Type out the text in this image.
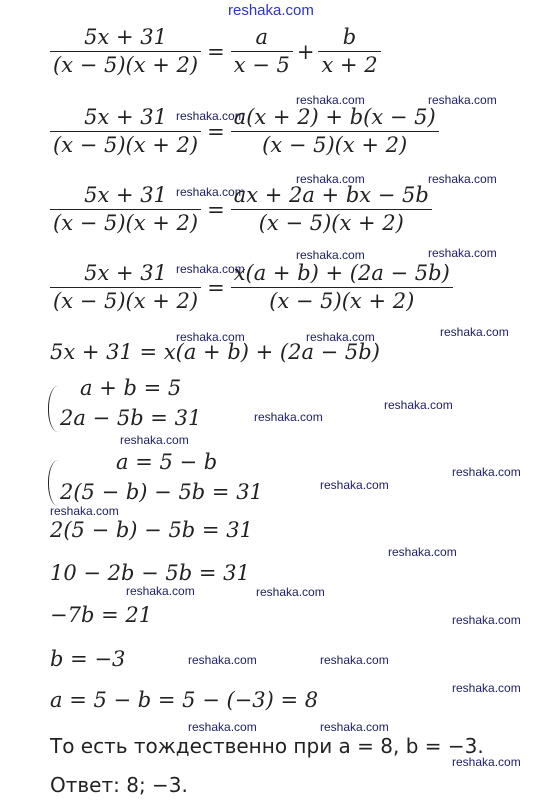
reshaka.com
reshaka.com	reshaka.com
reshaka.com
reshaka.com
reshaka.com	reshaka.com
reshaka.com
reshaka.com	reshaka.com
reshaka.com	reshaka.com	reshaka.com
reshaka.com
reshaka.com
reshaka.com
reshaka.com
reshaka.com
reshaka.com
reshaka.com
reshaka.com	reshaka.com
reshaka.com
reshaka.com	reshaka.com
reshaka.com
reshaka.com	reshaka.com
reshaka.com
$\frac{5x + 31}{(x - 5)(x + 2)} = \frac{a}{x - 5} + \frac{b}{x + 2}$
$\frac{5x + 31}{(x - 5)(x + 2)} = \frac{a(x + 2) + b(x - 5)}{(x - 5)(x + 2)}$
$\frac{5x + 31}{(x - 5)(x + 2)} = \frac{ax + 2a + bx - 5b}{(x - 5)(x + 2)}$
$\frac{5x + 31}{(x - 5)(x + 2)} = \frac{x(a + b) + (2a - 5b)}{(x - 5)(x + 2)}$
5x + 31 = x(a + b) + (2a − 5b)
a + b = 5
2a − 5b = 31
a = 5 − b
2(5 − b) − 5b = 31
2(5 − b) − 5b = 31
10 − 2b − 5b = 31
−7b = 21
b = −3
a = 5 − b = 5 − (−3) = 8
То есть тождественно при a = 8, b = −3.
Ответ: 8; −3.
